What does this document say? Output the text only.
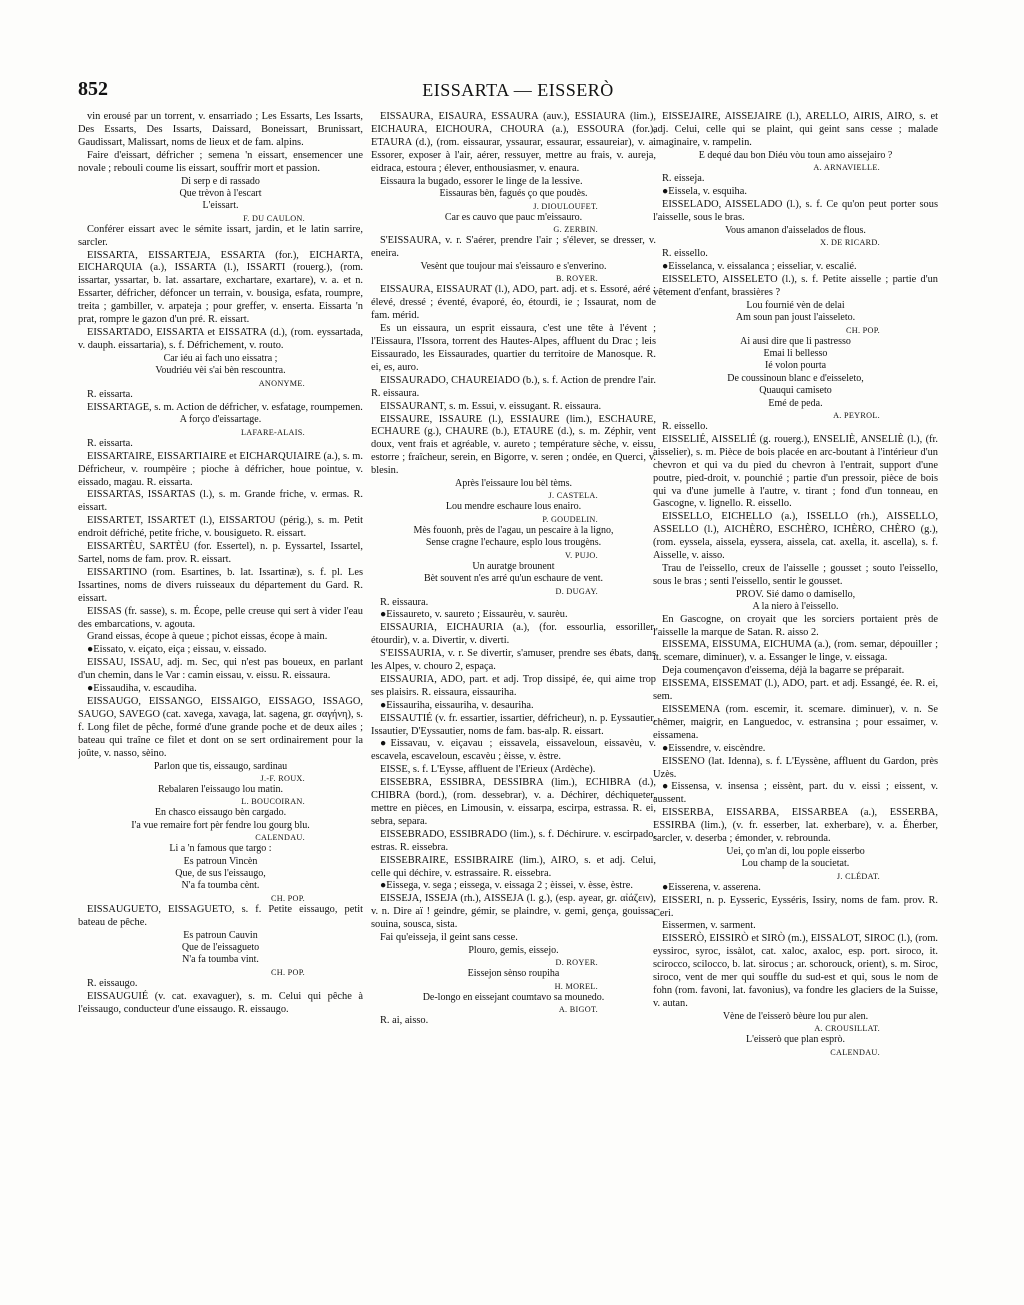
852	EISSARTA — EISSERÒ

vin erousé par un torrent, v. ensarriado ; Les Essarts, Les Issarts, Des Essarts, Des Issarts, Daissard, Boneissart, Brunissart, Gaudissart, Malissart, noms de lieux et de fam. alpins.

Faire d'eissart, défricher ; semena 'n eissart, ensemencer une novale ; rebouli coume lis eissart, souffrir mort et passion.

Di serp e di rassado

Que trèvon à l'escart

L'eissart.

F. DU CAULON.

Conférer eissart avec le sémite issart, jardin, et le latin sarrire, sarcler.

EISSARTA, EISSARTEJA, ESSARTA (for.), EICHARTA, EICHARQUIA (a.), ISSARTA (l.), ISSARTI (rouerg.), (rom. issartar, yssartar, b. lat. assartare, exchartare, exartare), v. a. et n. Essarter, défricher, défoncer un terrain, v. bousiga, esfata, roumpre, treita ; gambiller, v. arpateja ; pour greffer, v. ensertа. Eissarta 'n prat, rompre le gazon d'un pré. R. eissart.

EISSARTADO, EISSARTA et EISSATRA (d.), (rom. eyssartada, v. dauph. eissartaria), s. f. Défrichement, v. routo.

Car iéu ai fach uno eissatra ;

Voudriéu vèi s'ai bèn rescountra.

ANONYME.

R. eissarta.

EISSARTAGE, s. m. Action de défricher, v. esfatage, roumpemen.

A forço d'eissartage.

LAFARE-ALAIS.

R. eissarta.

EISSARTAIRE, EISSARTIAIRE et EICHARQUIAIRE (a.), s. m. Défricheur, v. roumpèire ; pioche à défricher, houe pointue, v. eissado, magau. R. eissarta.

EISSARTAS, ISSARTAS (l.), s. m. Grande friche, v. ermas. R. eissart.

EISSARTET, ISSARTET (l.), EISSARTOU (périg.), s. m. Petit endroit défriché, petite friche, v. bousigueto. R. eissart.

EISSARTÈU, SARTÈU (for. Essertel), n. p. Eyssartel, Issartel, Sartel, noms de fam. prov. R. eissart.

EISSARTINO (rom. Esartines, b. lat. Issartinæ), s. f. pl. Les Issartines, noms de divers ruisseaux du département du Gard. R. eissart.

EISSAS (fr. sasse), s. m. Écope, pelle creuse qui sert à vider l'eau des embarcations, v. agouta.

Grand eissas, écope à queue ; pichot eissas, écope à main.

●Eissato, v. eiçato, eiça ; eissau, v. eissado.

EISSAU, ISSAU, adj. m. Sec, qui n'est pas boueux, en parlant d'un chemin, dans le Var : camin eissau, v. eissu. R. eissaura.

●Eissaudiha, v. escaudiha.

EISSAUGO, EISSANGO, EISSAIGO, EISSAGO, ISSAGO, SAUGO, SAVEGO (cat. xavega, xavaga, lat. sagena, gr. σαγήνη), s. f. Long filet de pêche, formé d'une grande poche et de deux ailes ; bateau qui traîne ce filet et dont on se sert ordinairement pour la joûte, v. nasso, sèino.

Parlon que tis, eissaugo, sardinau

J.-F. ROUX.

Rebalaren l'eissaugo lou matin.

L. BOUCOIRAN.

En chasco eissaugo bèn cargado.

I'a vue remaire fort pèr fendre lou gourg blu.

CALENDAU.

Li a 'n famous que targo :

Es patroun Vincèn

Que, de sus l'eissaugo,

N'a fa toumba cènt.

CH. POP.

EISSAUGUETO, EISSAGUETO, s. f. Petite eissaugo, petit bateau de pêche.

Es patroun Cauvin

Que de l'eissagueto

N'a fa toumba vint.

CH. POP.

R. eissaugo.

EISSAUGUIÉ (v. cat. exavaguer), s. m. Celui qui pêche à l'eissaugo, conducteur d'une eissaugo. R. eissaugo.

EISSAURA, EISAURA, ESSAURA (auv.), ESSIAURA (lim.), EICHAURA, EICHOURA, CHOURA (a.), ESSOURA (for.), ETAURA (d.), (rom. eissaurar, yssaurar, essaurar, essaureiar), v. a. Essorer, exposer à l'air, aérer, ressuyer, mettre au frais, v. aureja, eidraca, estoura ; élever, enthousiasmer, v. enaura.

Eissaura la bugado, essorer le linge de la lessive.

Eissauras bèn, fagués ço que poudès.

J. DIOULOUFET.

Car es cauvo que pauc m'eissauro.

G. ZERBIN.

S'EISSAURA, v. r. S'aérer, prendre l'air ; s'élever, se dresser, v. eneira.

Vesènt que toujour mai s'eissauro e s'enverino.

B. ROYER.

EISSAURA, EISSAURAT (l.), ADO, part. adj. et s. Essoré, aéré ; élevé, dressé ; éventé, évaporé, éo, étourdi, ie ; Issaurat, nom de fam. mérid.

Es un eissaura, un esprit eissaura, c'est une tête à l'évent ; l'Eissaura, l'Issora, torrent des Hautes-Alpes, affluent du Drac ; leis Eissaurado, les Eissaurades, quartier du territoire de Manosque. R. ei, es, auro.

EISSAURADO, CHAUREIADO (b.), s. f. Action de prendre l'air. R. eissaura.

EISSAURANT, s. m. Essui, v. eissugant. R. eissaura.

EISSAURE, ISSAURE (l.), ESSIAURE (lim.), ESCHAURE, ECHAURE (g.), CHAURE (b.), ETAURE (d.), s. m. Zéphir, vent doux, vent frais et agréable, v. aureto ; température sèche, v. eissu, estorre ; fraîcheur, serein, en Bigorre, v. seren ; ondée, en Querci, v. blesin.

Après l'eissaure lou bèl tèms.

J. CASTELA.

Lou mendre eschaure lous enairo.

P. GOUDELIN.

Mès fouonh, près de l'agau, un pescaire à la ligno,

Sense cragne l'echaure, esplo lous trougèns.

V. PUJO.

Un auratge brounent

Bèt souvent n'es arré qu'un eschaure de vent.

D. DUGAY.

R. eissaura.

●Eissaureto, v. saureto ; Eissaurèu, v. saurèu.

EISSAURIA, EICHAURIA (a.), (for. essourlia, essoriller, étourdir), v. a. Divertir, v. diverti.

S'EISSAURIA, v. r. Se divertir, s'amuser, prendre ses ébats, dans les Alpes, v. chouro 2, espaça.

EISSAURIA, ADO, part. et adj. Trop dissipé, ée, qui aime trop ses plaisirs. R. eissaura, eissauriha.

●Eissauriha, eissauriha, v. desauriha.

EISSAUTIÉ (v. fr. essartier, issartier, défricheur), n. p. Eyssautier, Issautier, D'Eyssautier, noms de fam. bas-alp. R. eissart.

●Eissavau, v. eiçavau ; eissavela, eissaveloun, eissavèu, v. escavela, escaveloun, escavèu ; èisse, v. èstre.

EISSE, s. f. L'Eysse, affluent de l'Erieux (Ardèche).

EISSEBRA, ESSIBRA, DESSIBRA (lim.), ECHIBRA (d.), CHIBRA (bord.), (rom. dessebrar), v. a. Déchirer, déchiqueter, mettre en pièces, en Limousin, v. eissarpa, escirpa, estrassa. R. ei, sebra, separa.

EISSEBRADO, ESSIBRADO (lim.), s. f. Déchirure. v. escirpado, estras. R. eissebra.

EISSEBRAIRE, ESSIBRAIRE (lim.), AIRO, s. et adj. Celui, celle qui déchire, v. estrassaire. R. eissebra.

●Eissega, v. sega ; eissega, v. eissaga 2 ; èissei, v. èsse, èstre.

EISSEJA, ISSEJA (rh.), AISSEJA (l. g.), (esp. ayear, gr. αἰάζειν), v. n. Dire aï ! geindre, gémir, se plaindre, v. gemi, gença, gouissa, souina, sousca, sista.

Fai qu'eisseja, il geint sans cesse.

Plouro, gemis, eissejo.

D. ROYER.

Eissejon sènso roupiha

H. MOREL.

De-longo en eissejant coumtavo sa mounedo.

A. BIGOT.

R. ai, aisso.

EISSEJAIRE, AISSEJAIRE (l.), ARELLO, AIRIS, AIRO, s. et adj. Celui, celle qui se plaint, qui geint sans cesse ; malade imaginaire, v. rampelin.

E dequé dau bon Diéu vòu toun amo aissejairo ?

A. ARNAVIELLE.

R. eisseja.

●Eissela, v. esquiha.

EISSELADO, AISSELADO (l.), s. f. Ce qu'on peut porter sous l'aisselle, sous le bras.

Vous amanon d'aisselados de flous.

X. DE RICARD.

R. eissello.

●Eisselanca, v. eissalanca ; eisseliar, v. escalié.

EISSELETO, AISSELETO (l.), s. f. Petite aisselle ; partie d'un vêtement d'enfant, brassières ?

Lou fournié vèn de delai

Am soun pan joust l'aisseleto.

CH. POP.

Ai ausi dire que li pastresso

Emai li bellesso

Ié volon pourta

De coussinoun blanc e d'eisseleto,

Quauqui camiseto

Emé de peda.

A. PEYROL.

R. eissello.

EISSELIÉ, AISSELIÉ (g. rouerg.), ENSELIÈ, ANSELIÈ (l.), (fr. aisselier), s. m. Pièce de bois placée en arc-boutant à l'intérieur d'un chevron et qui va du pied du chevron à l'entrait, support d'une poutre, pied-droit, v. pounchié ; partie d'un pressoir, pièce de bois qui va d'une jumelle à l'autre, v. tirant ; fond d'un tonneau, en Gascogne, v. lignello. R. eissello.

EISSELLO, EICHELLO (a.), ISSELLO (rh.), AISSELLO, ASSELLO (l.), AICHÈRO, ESCHÈRO, ICHÈRO, CHÈRO (g.), (rom. eyssela, aissela, eyssera, aissela, cat. axella, it. ascella), s. f. Aisselle, v. aisso.

Trau de l'eissello, creux de l'aisselle ; gousset ; souto l'eissello, sous le bras ; senti l'eissello, sentir le gousset.

PROV. Sié damo o damisello,

A la niero à l'eissello.

En Gascogne, on croyait que les sorciers portaient près de l'aisselle la marque de Satan. R. aisso 2.

EISSEMA, EISSUMA, EICHUMA (a.), (rom. semar, dépouiller ; it. scemare, diminuer), v. a. Essanger le linge, v. eissaga.

Deja coumençavon d'eissema, déjà la bagarre se préparait.

EISSEMA, EISSEMAT (l.), ADO, part. et adj. Essangé, ée. R. ei, sem.

EISSEMENA (rom. escemir, it. scemare. diminuer), v. n. Se chêmer, maigrir, en Languedoc, v. estransina ; pour essaimer, v. eissamena.

●Eissendre, v. eiscèndre.

EISSENO (lat. Idenna), s. f. L'Eyssène, affluent du Gardon, près Uzès.

●Eissensa, v. insensa ; eissènt, part. du v. eissi ; eissent, v. aussent.

EISSERBA, EISSARBA, EISSARBEA (a.), ESSERBA, ESSIRBA (lim.), (v. fr. esserber, lat. exherbare), v. a. Éherber, sarcler, v. deserba ; émonder, v. rebrounda.

Uei, ço m'an di, lou pople eisserbo

Lou champ de la soucietat.

J. CLÉDAT.

●Eisserena, v. asserena.

EISSERI, n. p. Eysseric, Eysséris, Issiry, noms de fam. prov. R. Ceri.

Eissermen, v. sarment.

EISSERÒ, EISSIRÒ et SIRÒ (m.), EISSALOT, SIROC (l.), (rom. eyssiroc, syroc, issàlot, cat. xaloc, axaloc, esp. port. siroco, it. scirocco, scilocco, b. lat. sirocus ; ar. schorouck, orient), s. m. Siroc, siroco, vent de mer qui souffle du sud-est et qui, sous le nom de fohn (rom. favoni, lat. favonius), va fondre les glaciers de la Suisse, v. autan.

Vène de l'eisserò bèure lou pur alen.

A. CROUSILLAT.

L'eisserò que plan esprò.

CALENDAU.
